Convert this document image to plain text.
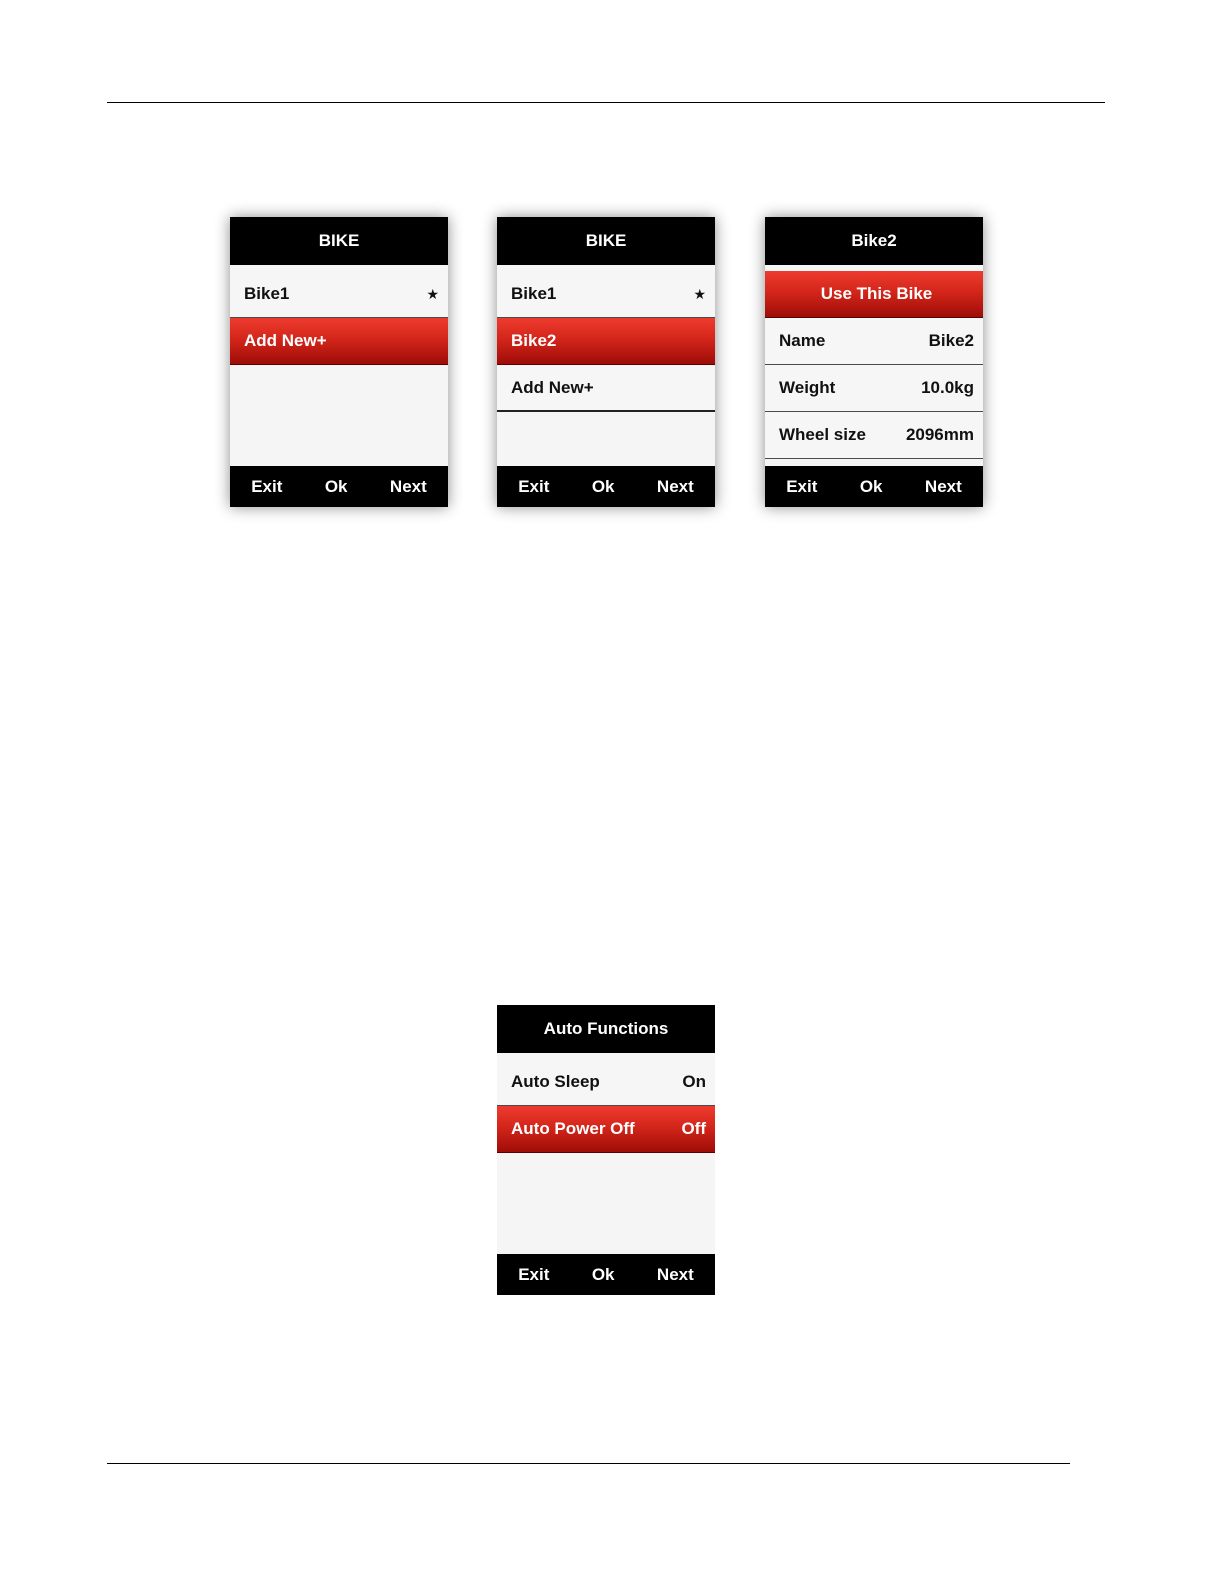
BIKE
Bike1	★
Add New+
Exit Ok Next
BIKE
Bike1	★
Bike2
Add New+
Exit Ok Next
Bike2
Use This Bike
Name	Bike2
Weight	10.0kg
Wheel size 2096mm
Exit Ok Next
Auto Functions
Auto Sleep	On
Auto Power Off	Off
Exit Ok Next
